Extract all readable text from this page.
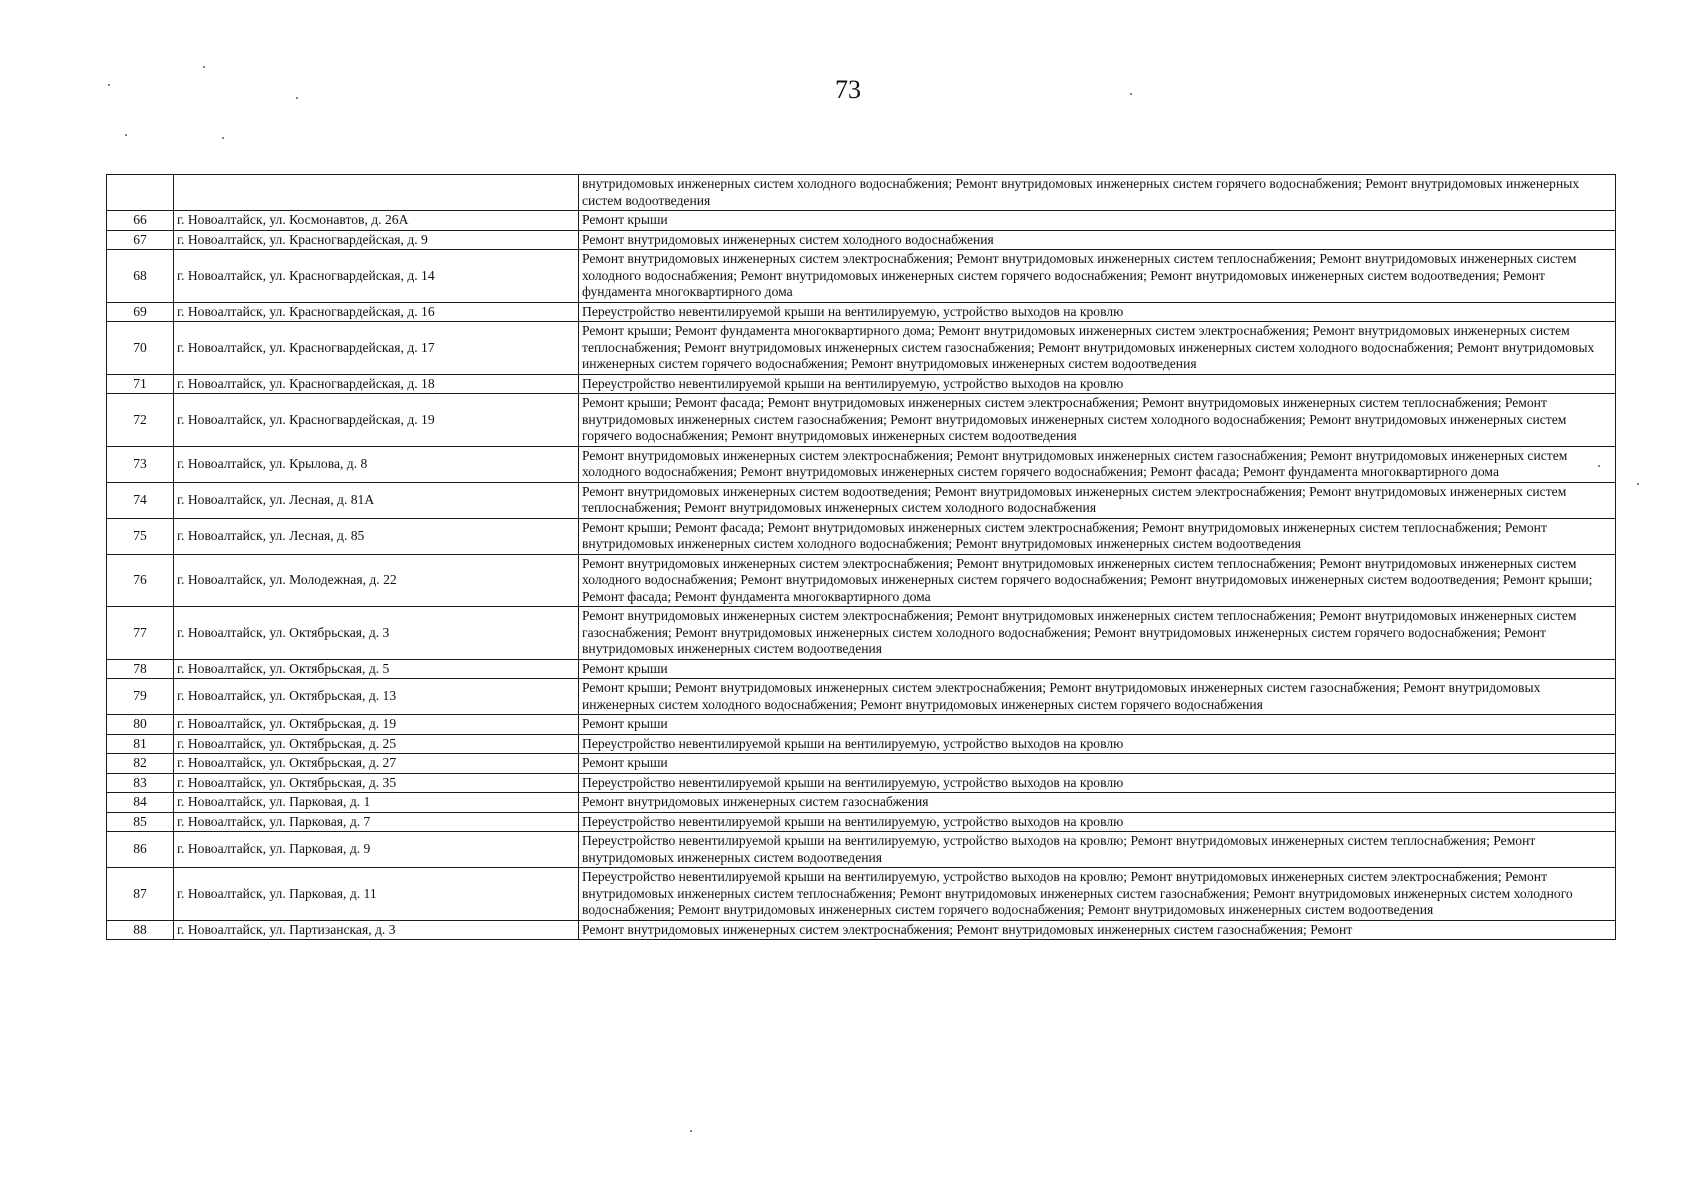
73
		внутридомовых инженерных систем холодного водоснабжения; Ремонт внутридомовых инженерных систем горячего водоснабжения; Ремонт внутридомовых инженерных систем водоотведения
66	г. Новоалтайск, ул. Космонавтов, д. 26А	Ремонт крыши
67	г. Новоалтайск, ул. Красногвардейская, д. 9	Ремонт внутридомовых инженерных систем холодного водоснабжения
68	г. Новоалтайск, ул. Красногвардейская, д. 14	Ремонт внутридомовых инженерных систем электроснабжения; Ремонт внутридомовых инженерных систем теплоснабжения; Ремонт внутридомовых инженерных систем холодного водоснабжения; Ремонт внутридомовых инженерных систем горячего водоснабжения; Ремонт внутридомовых инженерных систем водоотведения; Ремонт фундамента многоквартирного дома
69	г. Новоалтайск, ул. Красногвардейская, д. 16	Переустройство невентилируемой крыши на вентилируемую, устройство выходов на кровлю
70	г. Новоалтайск, ул. Красногвардейская, д. 17	Ремонт крыши; Ремонт фундамента многоквартирного дома; Ремонт внутридомовых инженерных систем электроснабжения; Ремонт внутридомовых инженерных систем теплоснабжения; Ремонт внутридомовых инженерных систем газоснабжения; Ремонт внутридомовых инженерных систем холодного водоснабжения; Ремонт внутридомовых инженерных систем горячего водоснабжения; Ремонт внутридомовых инженерных систем водоотведения
71	г. Новоалтайск, ул. Красногвардейская, д. 18	Переустройство невентилируемой крыши на вентилируемую, устройство выходов на кровлю
72	г. Новоалтайск, ул. Красногвардейская, д. 19	Ремонт крыши; Ремонт фасада; Ремонт внутридомовых инженерных систем электроснабжения; Ремонт внутридомовых инженерных систем теплоснабжения; Ремонт внутридомовых инженерных систем газоснабжения; Ремонт внутридомовых инженерных систем холодного водоснабжения; Ремонт внутридомовых инженерных систем горячего водоснабжения; Ремонт внутридомовых инженерных систем водоотведения
73	г. Новоалтайск, ул. Крылова, д. 8	Ремонт внутридомовых инженерных систем электроснабжения; Ремонт внутридомовых инженерных систем газоснабжения; Ремонт внутридомовых инженерных систем холодного водоснабжения; Ремонт внутридомовых инженерных систем горячего водоснабжения; Ремонт фасада; Ремонт фундамента многоквартирного дома
74	г. Новоалтайск, ул. Лесная, д. 81А	Ремонт внутридомовых инженерных систем водоотведения; Ремонт внутридомовых инженерных систем электроснабжения; Ремонт внутридомовых инженерных систем теплоснабжения; Ремонт внутридомовых инженерных систем холодного водоснабжения
75	г. Новоалтайск, ул. Лесная, д. 85	Ремонт крыши; Ремонт фасада; Ремонт внутридомовых инженерных систем электроснабжения; Ремонт внутридомовых инженерных систем теплоснабжения; Ремонт внутридомовых инженерных систем холодного водоснабжения; Ремонт внутридомовых инженерных систем водоотведения
76	г. Новоалтайск, ул. Молодежная, д. 22	Ремонт внутридомовых инженерных систем электроснабжения; Ремонт внутридомовых инженерных систем теплоснабжения; Ремонт внутридомовых инженерных систем холодного водоснабжения; Ремонт внутридомовых инженерных систем горячего водоснабжения; Ремонт внутридомовых инженерных систем водоотведения; Ремонт крыши; Ремонт фасада; Ремонт фундамента многоквартирного дома
77	г. Новоалтайск, ул. Октябрьская, д. 3	Ремонт внутридомовых инженерных систем электроснабжения; Ремонт внутридомовых инженерных систем теплоснабжения; Ремонт внутридомовых инженерных систем газоснабжения; Ремонт внутридомовых инженерных систем холодного водоснабжения; Ремонт внутридомовых инженерных систем горячего водоснабжения; Ремонт внутридомовых инженерных систем водоотведения
78	г. Новоалтайск, ул. Октябрьская, д. 5	Ремонт крыши
79	г. Новоалтайск, ул. Октябрьская, д. 13	Ремонт крыши; Ремонт внутридомовых инженерных систем электроснабжения; Ремонт внутридомовых инженерных систем газоснабжения; Ремонт внутридомовых инженерных систем холодного водоснабжения; Ремонт внутридомовых инженерных систем горячего водоснабжения
80	г. Новоалтайск, ул. Октябрьская, д. 19	Ремонт крыши
81	г. Новоалтайск, ул. Октябрьская, д. 25	Переустройство невентилируемой крыши на вентилируемую, устройство выходов на кровлю
82	г. Новоалтайск, ул. Октябрьская, д. 27	Ремонт крыши
83	г. Новоалтайск, ул. Октябрьская, д. 35	Переустройство невентилируемой крыши на вентилируемую, устройство выходов на кровлю
84	г. Новоалтайск, ул. Парковая, д. 1	Ремонт внутридомовых инженерных систем газоснабжения
85	г. Новоалтайск, ул. Парковая, д. 7	Переустройство невентилируемой крыши на вентилируемую, устройство выходов на кровлю
86	г. Новоалтайск, ул. Парковая, д. 9	Переустройство невентилируемой крыши на вентилируемую, устройство выходов на кровлю; Ремонт внутридомовых инженерных систем теплоснабжения; Ремонт внутридомовых инженерных систем водоотведения
87	г. Новоалтайск, ул. Парковая, д. 11	Переустройство невентилируемой крыши на вентилируемую, устройство выходов на кровлю; Ремонт внутридомовых инженерных систем электроснабжения; Ремонт внутридомовых инженерных систем теплоснабжения; Ремонт внутридомовых инженерных систем газоснабжения; Ремонт внутридомовых инженерных систем холодного водоснабжения; Ремонт внутридомовых инженерных систем горячего водоснабжения; Ремонт внутридомовых инженерных систем водоотведения
88	г. Новоалтайск, ул. Партизанская, д. 3	Ремонт внутридомовых инженерных систем электроснабжения; Ремонт внутридомовых инженерных систем газоснабжения; Ремонт
